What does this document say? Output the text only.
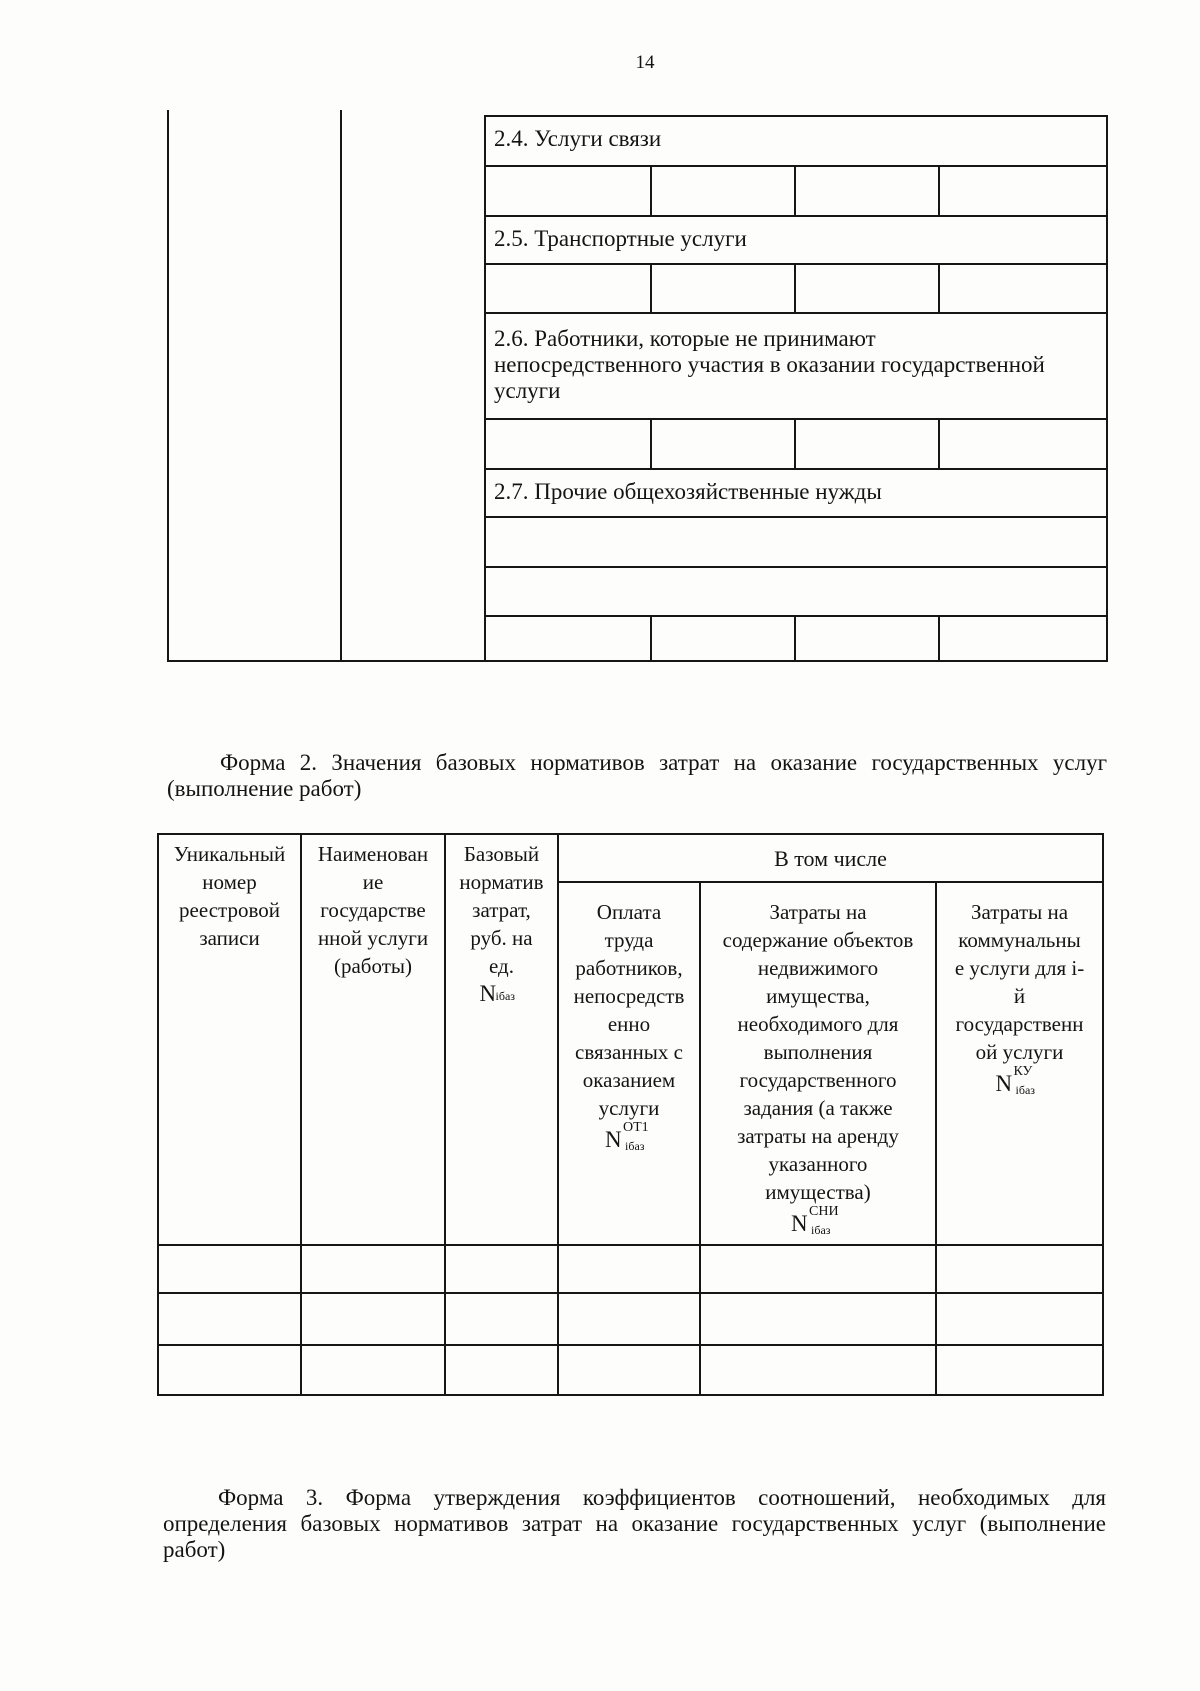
14
2.4. Услуги связи
2.5. Транспортные услуги
2.6. Работники, которые не принимают
непосредственного участия в оказании государственной
услуги
2.7. Прочие общехозяйственные нужды
Форма 2. Значения базовых нормативов затрат на оказание государственных услуг
(выполнение работ)
Уникальный
номер
реестровой
записи
Наименован
ие
государстве
нной услуги
(работы)
Базовый
норматив
затрат,
руб. на
ед.
N iбаз
В том числе
Оплата
труда
работников,
непосредств
енно
связанных с
оказанием
услуги
N ОТ1
iбаз
Затраты на
содержание объектов
недвижимого
имущества,
необходимого для
выполнения
государственного
задания (а также
затраты на аренду
указанного
имущества)
N СНИ
iбаз
Затраты на
коммунальны
е услуги для i-
й
государственн
ой услуги
N КУ
iбаз
Форма 3. Форма утверждения коэффициентов соотношений, необходимых для
определения базовых нормативов затрат на оказание государственных услуг (выполнение
работ)
